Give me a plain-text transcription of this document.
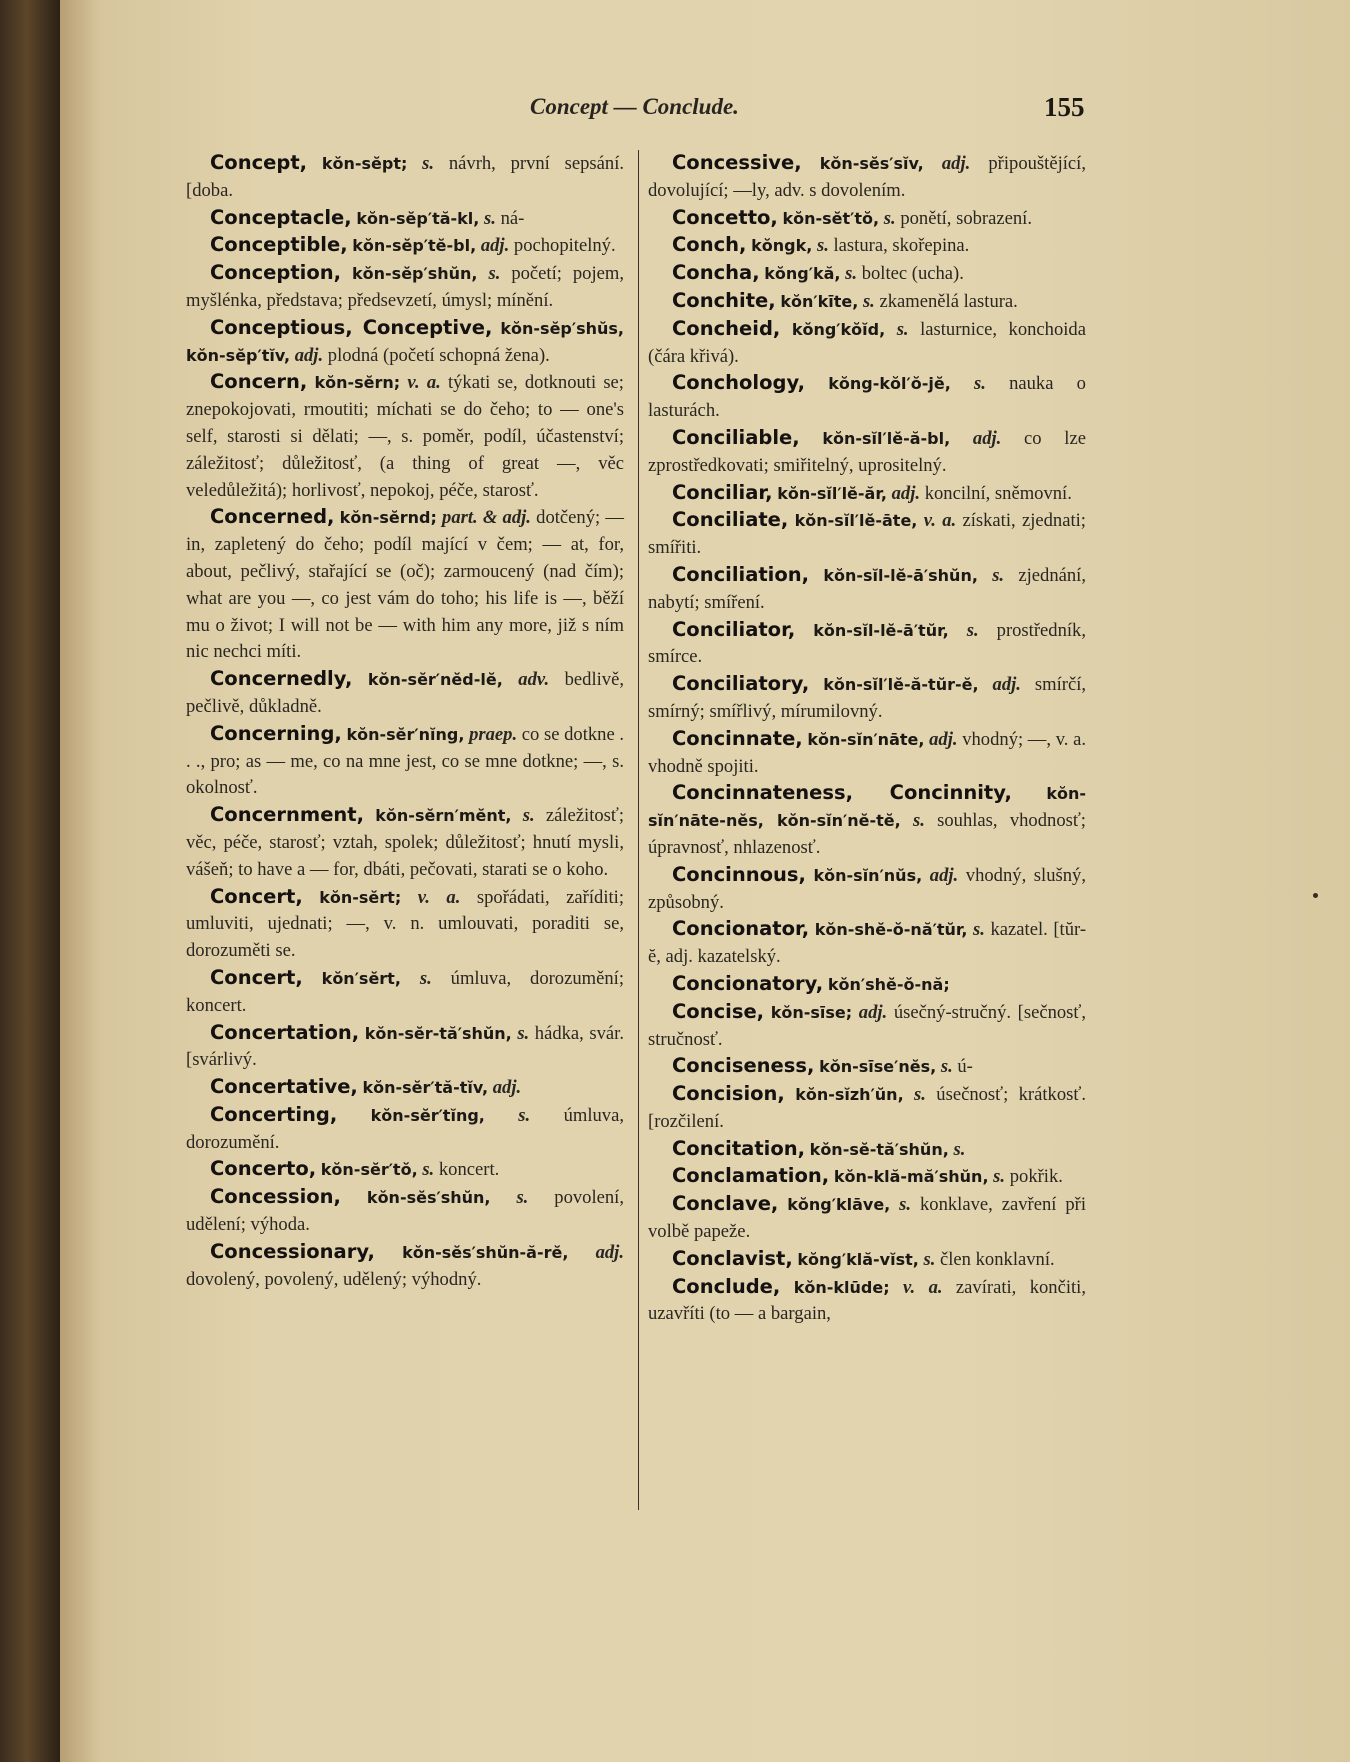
Concept — Conclude.	155

Concept, kŏn-sĕpt; s. návrh, první sepsání. [doba.

Conceptacle, kŏn-sĕp′tă-kl, s. ná-

Conceptible, kŏn-sĕp′tĕ-bl, adj. pochopitelný.

Conception, kŏn-sĕp′shŭn, s. početí; pojem, myšlénka, představa; předsevzetí, úmysl; mínění.

Conceptious, Conceptive, kŏn-sĕp′shŭs, kŏn-sĕp′tĭv, adj. plodná (početí schopná žena).

Concern, kŏn-sĕrn; v. a. týkati se, dotknouti se; znepokojovati, rmoutiti; míchati se do čeho; to — one's self, starosti si dělati; —, s. poměr, podíl, účastenství; záležitosť; důležitosť, (a thing of great —, věc veledůležitá); horlivosť, nepokoj, péče, starosť.

Concerned, kŏn-sĕrnd; part. & adj. dotčený; — in, zapletený do čeho; podíl mající v čem; — at, for, about, pečlivý, stařající se (oč); zarmoucený (nad čím); what are you —, co jest vám do toho; his life is —, běží mu o život; I will not be — with him any more, již s ním nic nechci míti.

Concernedly, kŏn-sĕr′nĕd-lĕ, adv. bedlivě, pečlivě, důkladně.

Concerning, kŏn-sĕr′nĭng, praep. co se dotkne . . ., pro; as — me, co na mne jest, co se mne dotkne; —, s. okolnosť.

Concernment, kŏn-sĕrn′mĕnt, s. záležitosť; věc, péče, starosť; vztah, spolek; důležitosť; hnutí mysli, vášeň; to have a — for, dbáti, pečovati, starati se o koho.

Concert, kŏn-sĕrt; v. a. spořádati, zaříditi; umluviti, ujednati; —, v. n. umlouvati, poraditi se, dorozuměti se.

Concert, kŏn′sĕrt, s. úmluva, dorozumění; koncert.

Concertation, kŏn-sĕr-tă′shŭn, s. hádka, svár. [svárlivý.

Concertative, kŏn-sĕr′tă-tĭv, adj.

Concerting, kŏn-sĕr′tĭng, s. úmluva, dorozumění.

Concerto, kŏn-sĕr′tŏ, s. koncert.

Concession, kŏn-sĕs′shŭn, s. povolení, udělení; výhoda.

Concessionary, kŏn-sĕs′shŭn-ă-rĕ, adj. dovolený, povolený, udělený; výhodný.

Concessive, kŏn-sĕs′sĭv, adj. připouštějící, dovolující; —ly, adv. s dovolením.

Concetto, kŏn-sĕt′tŏ, s. ponětí, sobrazení.

Conch, kŏngk, s. lastura, skořepina.

Concha, kŏng′kă, s. boltec (ucha).

Conchite, kŏn′kīte, s. zkamenělá lastura.

Concheid, kŏng′kŏĭd, s. lasturnice, konchoida (čára křivá).

Conchology, kŏng-kŏl′ŏ-jĕ, s. nauka o lasturách.

Conciliable, kŏn-sĭl′lĕ-ă-bl, adj. co lze zprostředkovati; smiřitelný, uprositelný.

Conciliar, kŏn-sĭl′lĕ-ăr, adj. koncilní, sněmovní.

Conciliate, kŏn-sĭl′lĕ-āte, v. a. získati, zjednati; smířiti.

Conciliation, kŏn-sĭl-lĕ-ā′shŭn, s. zjednání, nabytí; smíření.

Conciliator, kŏn-sĭl-lĕ-ā′tŭr, s. prostředník, smírce.

Conciliatory, kŏn-sĭl′lĕ-ă-tŭr-ĕ, adj. smírčí, smírný; smířlivý, mírumilovný.

Concinnate, kŏn-sĭn′nāte, adj. vhodný; —, v. a. vhodně spojiti.

Concinnateness, Concinnity, kŏn-sĭn′nāte-nĕs, kŏn-sĭn′nĕ-tĕ, s. souhlas, vhodnosť; úpravnosť, nhlazenosť.

Concinnous, kŏn-sĭn′nŭs, adj. vhodný, slušný, způsobný.

Concionator, kŏn-shĕ-ŏ-nă′tŭr, s. kazatel. [tŭr-ĕ, adj. kazatelský.

Concionatory, kŏn′shĕ-ŏ-nă;

Concise, kŏn-sīse; adj. úsečný-stručný. [sečnosť, stručnosť.

Conciseness, kŏn-sīse′nĕs, s. ú-

Concision, kŏn-sĭzh′ŭn, s. úsečnosť; krátkosť. [rozčilení.

Concitation, kŏn-sĕ-tă′shŭn, s.

Conclamation, kŏn-klă-mă′shŭn, s. pokřik.

Conclave, kŏng′klāve, s. konklave, zavření při volbě papeže.

Conclavist, kŏng′klă-vĭst, s. člen konklavní.

Conclude, kŏn-klūde; v. a. zavírati, končiti, uzavříti (to — a bargain,
